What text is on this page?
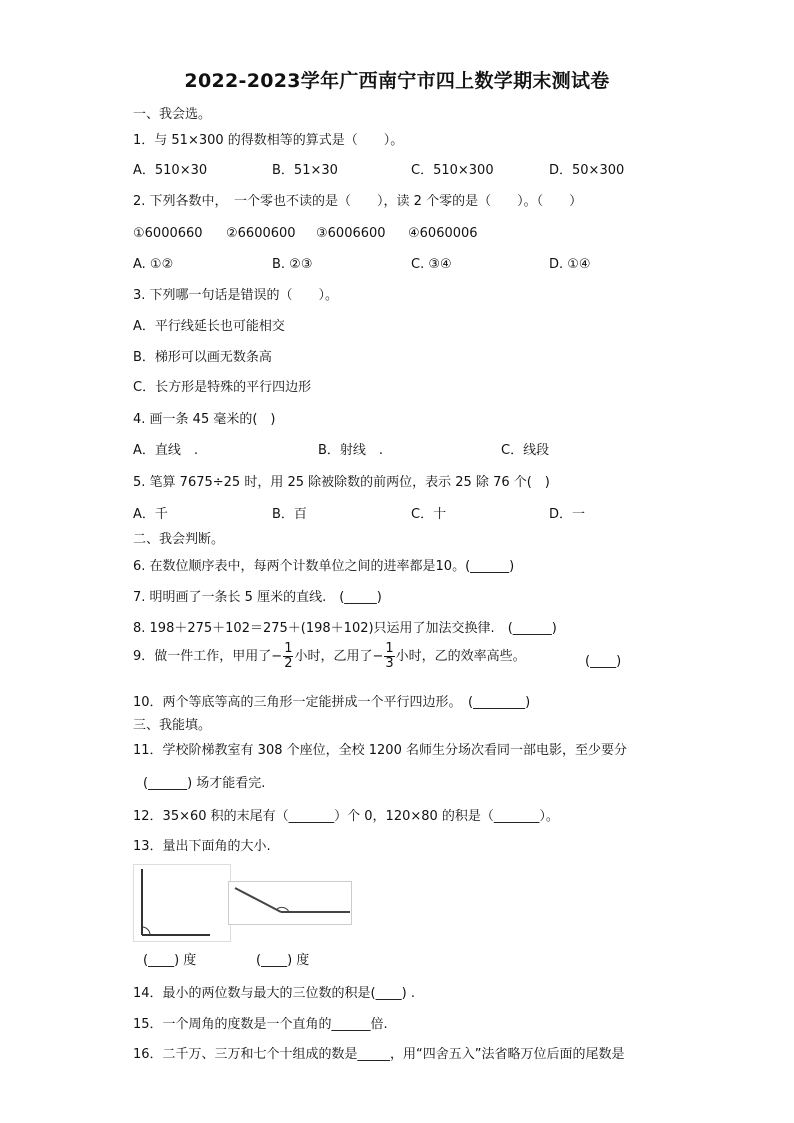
2022-2023学年广西南宁市四上数学期末测试卷
一、我会选。
1．与 51×300 的得数相等的算式是（　　）。
A．510×30	B．51×30	C．510×300	D．50×300
2. 下列各数中，　一个零也不读的是（　　），读 2 个零的是（　　）。（　　）
①6000660 ②6600600 ③6006600 ④6060006
A. ①②	B. ②③	C. ③④	D. ①④
3. 下列哪一句话是错误的（　　）。
A．平行线延长也可能相交
B．梯形可以画无数条高
C．长方形是特殊的平行四边形
4. 画一条 45 毫米的(　)
A．直线　.	B．射线　.	C．线段
5. 笔算 7675÷25 时，用 25 除被除数的前两位，表示 25 除 76 个(　)
A．千	B．百	C．十	D．一
二、我会判断。
6. 在数位顺序表中，每两个计数单位之间的进率都是10。(______)
7. 明明画了一条长 5 厘米的直线.　(_____)
8. 198＋275＋102＝275＋(198＋102)只运用了加法交换律.　(______)
9．做一件工作，甲用了− $\frac{1}{2}$ 小时，乙用了− $\frac{1}{3}$ 小时，乙的效率高些。	(____)
10．两个等底等高的三角形一定能拼成一个平行四边形。　(________)
三、我能填。
11．学校阶梯教室有 308 个座位，全校 1200 名师生分场次看同一部电影，至少要分
(______) 场才能看完.
12．35×60 积的末尾有（_______）个 0，120×80 的积是（_______）。
13．量出下面角的大小.
(____) 度	(____) 度
14．最小的两位数与最大的三位数的积是(____) .
15．一个周角的度数是一个直角的______倍.
16．二千万、三万和七个十组成的数是_____，用“四舍五入”法省略万位后面的尾数是
